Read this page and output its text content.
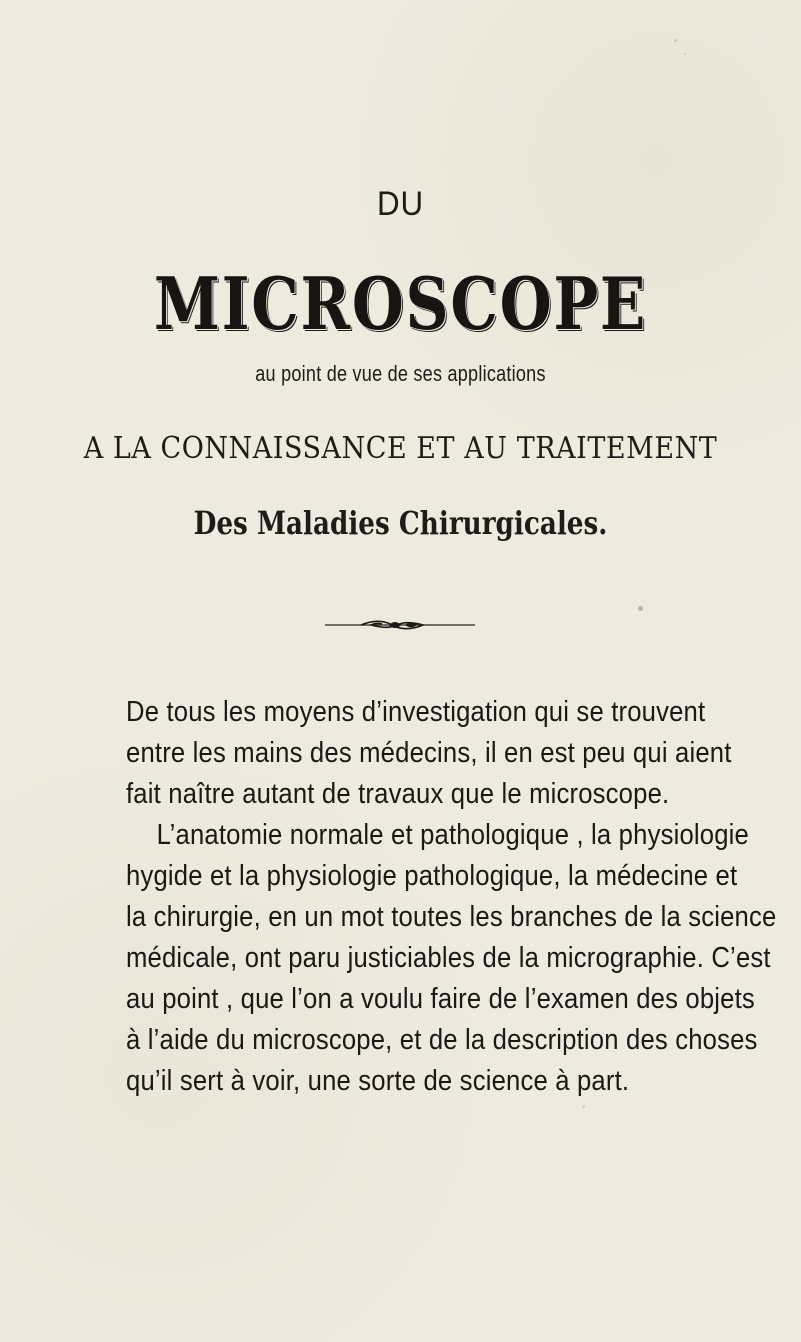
DU
MICROSCOPE
au point de vue de ses applications
A LA CONNAISSANCE ET AU TRAITEMENT
Des Maladies Chirurgicales.
De tous les moyens d’investigation qui se trouvent
entre les mains des médecins, il en est peu qui aient
fait naître autant de travaux que le microscope.
L’anatomie normale et pathologique , la physiologie
hygide et la physiologie pathologique, la médecine et
la chirurgie, en un mot toutes les branches de la science
médicale, ont paru justiciables de la micrographie. C’est
au point , que l’on a voulu faire de l’examen des objets
à l’aide du microscope, et de la description des choses
qu’il sert à voir, une sorte de science à part.
